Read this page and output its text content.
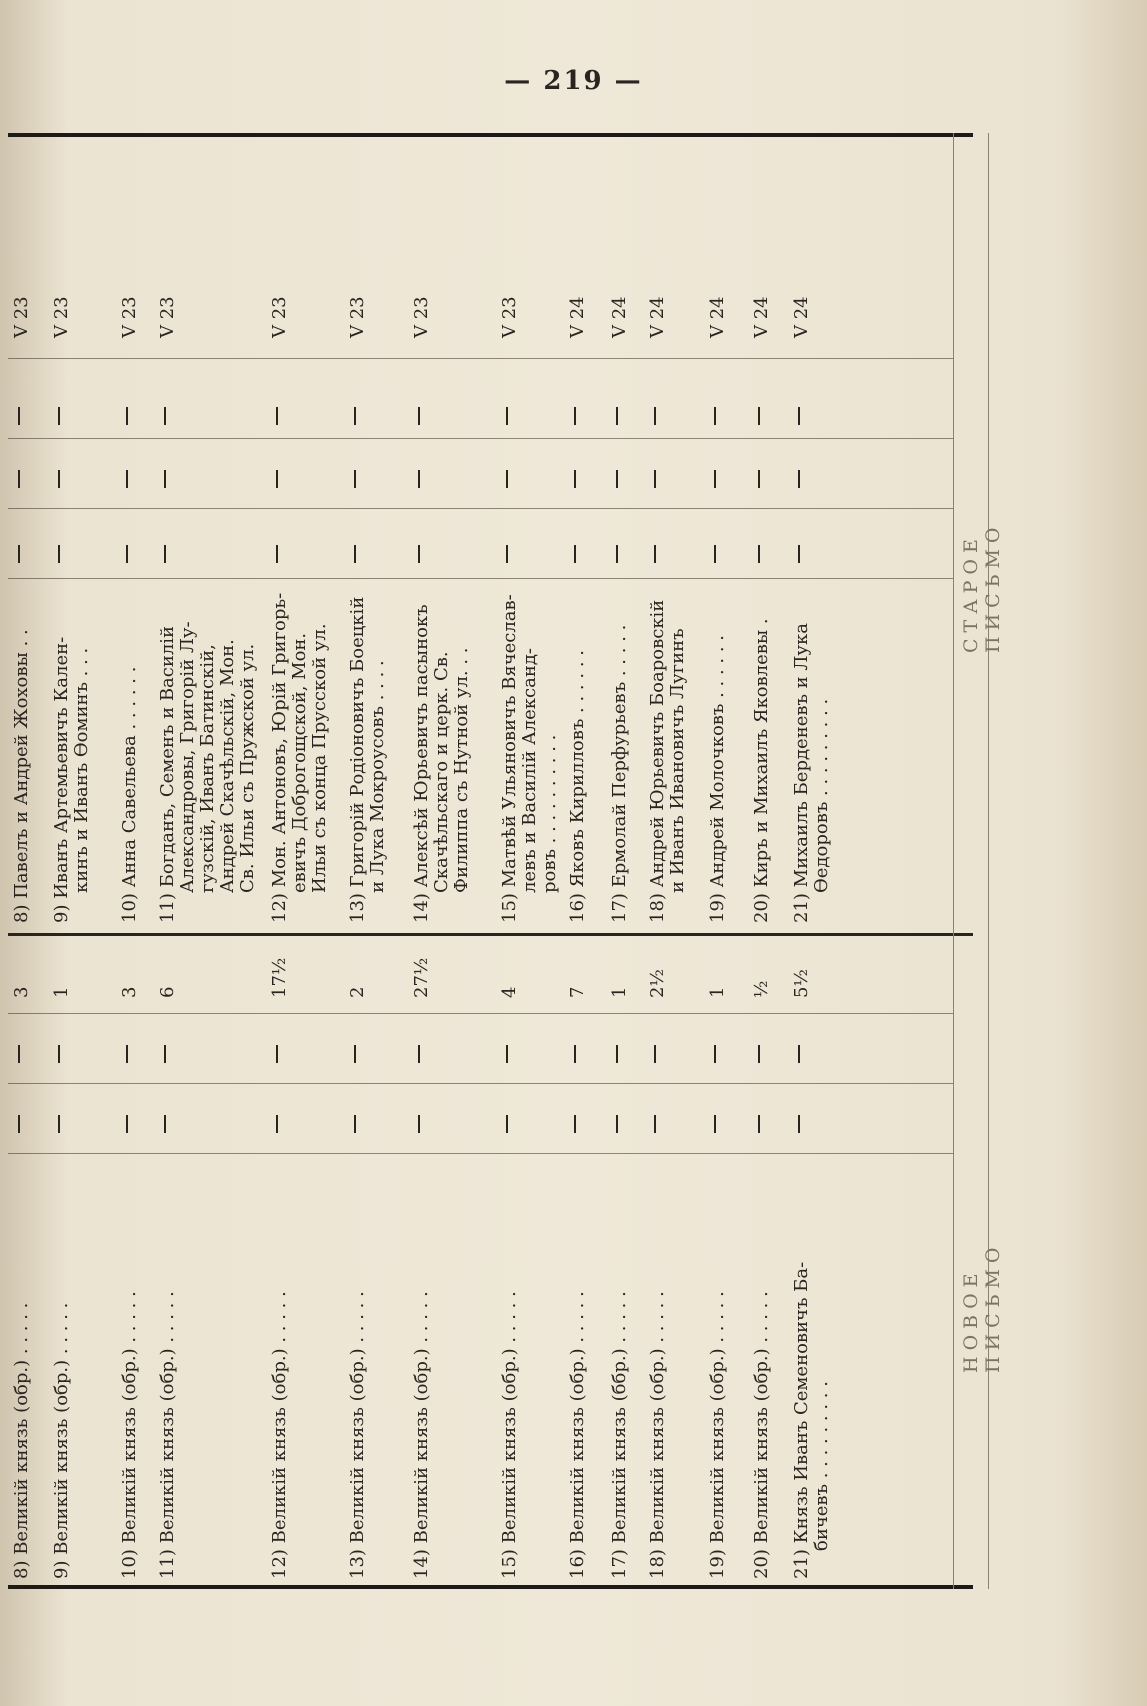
— 219 —
НОВОЕ ПИСЬМО
СТАРОЕ ПИСЬМО
8) Великій князь (обр.) . . . . .
3
8) Павелъ и Андрей Жоховы . .
V 23
9) Великій князь (обр.) . . . . .
1
9) Иванъ Артемьевичъ Кален- кинъ и Иванъ Ѳоминъ . . .
V 23
10) Великій князь (обр.) . . . . .
3
10) Анна Савельева . . . . . .
V 23
11) Великій князь (обр.) . . . . .
6
11) Богданъ, Семенъ и Василій Александровы, Григорій Лу- гузскій, Иванъ Батинскій, Андрей Скачѣльскій, Мон. Св. Ильи съ Пружской ул.
V 23
12) Великій князь (обр.) . . . . .
17½
12) Мон. Антоновъ, Юрій Григорь- евичъ Доброгощской, Мон. Ильи съ конца Прусской ул.
V 23
13) Великій князь (обр.) . . . . .
2
13) Григорій Родіоновичъ Боецкій и Лука Мокроусовъ . . . .
V 23
14) Великій князь (обр.) . . . . .
27½
14) Алексѣй Юрьевичъ пасынокъ Скачѣльскаго и церк. Св. Филиппа съ Нутной ул. . .
V 23
15) Великій князь (обр.) . . . . .
4
15) Матвѣй Ульяновичъ Вячеслав- левъ и Василій Александ- ровъ . . . . . . . . . .
V 23
16) Великій князь (обр.) . . . . .
7
16) Яковъ Кирилловъ . . . . . .
V 24
17) Великій князь (ббр.) . . . . .
1
17) Ермолай Перфурьевъ . . . . .
V 24
18) Великій князь (обр.) . . . . .
2½
18) Андрей Юрьевичъ Боаровскій и Иванъ Ивановичъ Лугинъ
V 24
19) Великій князь (обр.) . . . . .
1
19) Андрей Молочковъ . . . . . .
V 24
20) Великій князь (обр.) . . . . .
½
20) Киръ и Михаилъ Яковлевы .
V 24
21) Князь Иванъ Семеновичъ Ба- бичевъ . . . . . . . . .
5½
21) Михаилъ Берденевъ и Лука Ѳедоровъ . . . . . . . . .
V 24
